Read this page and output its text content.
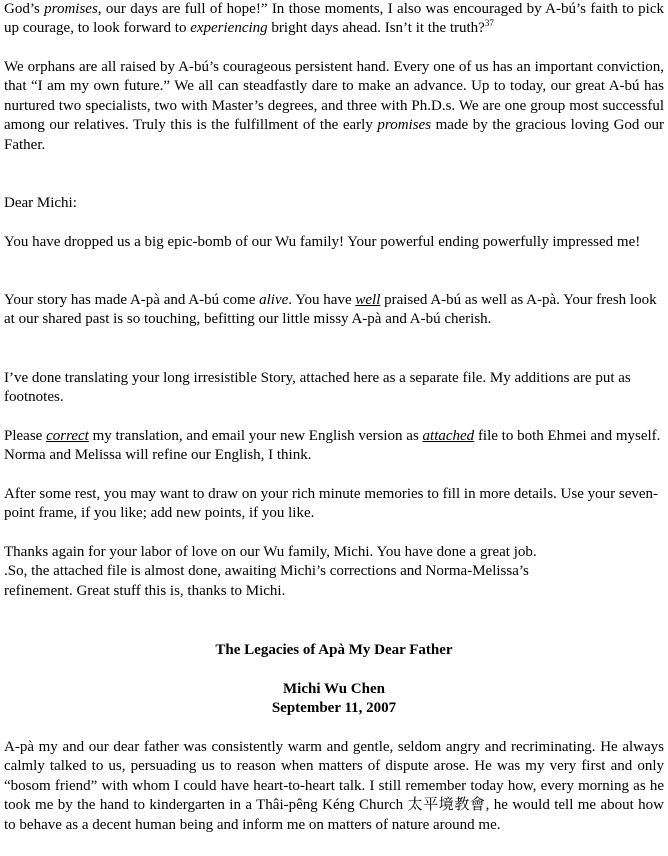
God’s promises, our days are full of hope!” In those moments, I also was encouraged by A-bú’s faith to pick up courage, to look forward to experiencing bright days ahead. Isn’t it the truth?$^{37}$

We orphans are all raised by A-bú’s courageous persistent hand. Every one of us has an important conviction, that “I am my own future.” We all can steadfastly dare to make an advance. Up to today, our great A-bú has nurtured two specialists, two with Master’s degrees, and three with Ph.D.s. We are one group most successful among our relatives. Truly this is the fulfillment of the early promises made by the gracious loving God our Father.

Dear Michi:

You have dropped us a big epic-bomb of our Wu family! Your powerful ending powerfully impressed me!

Your story has made A-pà and A-bú come alive. You have well praised A-bú as well as A-pà. Your fresh look at our shared past is so touching, befitting our little missy A-pà and A-bú cherish.

I’ve done translating your long irresistible Story, attached here as a separate file. My additions are put as footnotes.

Please correct my translation, and email your new English version as attached file to both Ehmei and myself. Norma and Melissa will refine our English, I think.

After some rest, you may want to draw on your rich minute memories to fill in more details. Use your seven-point frame, if you like; add new points, if you like.

Thanks again for your labor of love on our Wu family, Michi. You have done a great job.
.So, the attached file is almost done, awaiting Michi’s corrections and Norma-Melissa’s
refinement. Great stuff this is, thanks to Michi.

The Legacies of Apà My Dear Father

Michi Wu Chen

September 11, 2007

A-pà my and our dear father was consistently warm and gentle, seldom angry and recriminating. He always calmly talked to us, persuading us to reason when matters of dispute arose. He was my very first and only “bosom friend” with whom I could have heart-to-heart talk. I still remember today how, every morning as he took me by the hand to kindergarten in a Thâi-pêng Kéng Church 太平境教會, he would tell me about how to behave as a decent human being and inform me on matters of nature around me.
